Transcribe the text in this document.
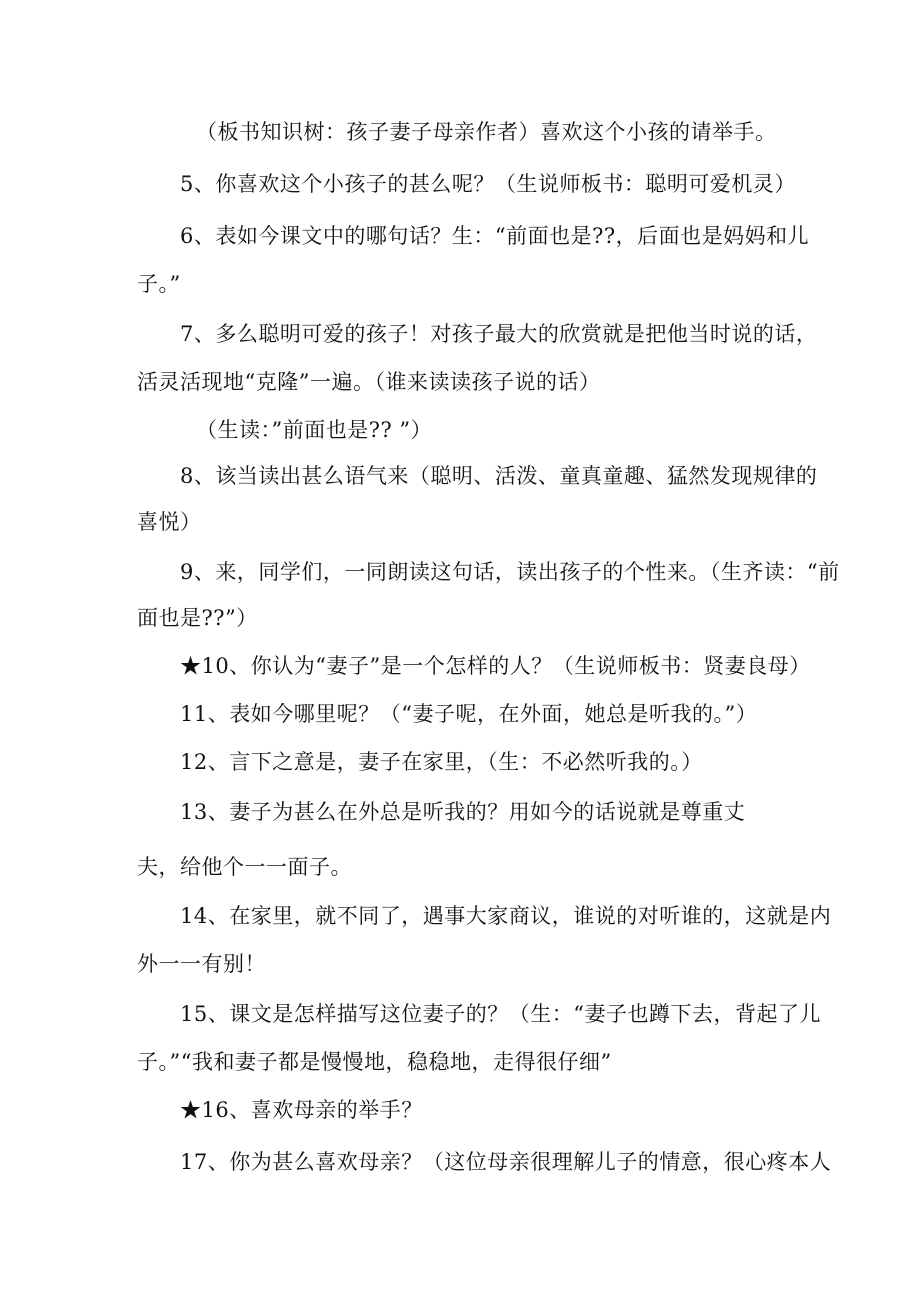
（板书知识树：孩子妻子母亲作者）喜欢这个小孩的请举手。
5、你喜欢这个小孩子的甚么呢？（生说师板书：聪明可爱机灵）
6、表如今课文中的哪句话？生：“前面也是??，后面也是妈妈和儿
子。”
7、多么聪明可爱的孩子！对孩子最大的欣赏就是把他当时说的话，
活灵活现地“克隆”一遍。（谁来读读孩子说的话）
（生读：”前面也是?? ”）
8、该当读出甚么语气来（聪明、活泼、童真童趣、猛然发现规律的
喜悦）
9、来，同学们，一同朗读这句话，读出孩子的个性来。（生齐读：“前
面也是??”）
★10、你认为“妻子”是一个怎样的人？（生说师板书：贤妻良母）
11、表如今哪里呢？（“妻子呢，在外面，她总是听我的。”）
12、言下之意是，妻子在家里，（生：不必然听我的。）
13、妻子为甚么在外总是听我的？用如今的话说就是尊重丈
夫，给他个一一面子。
14、在家里，就不同了，遇事大家商议，谁说的对听谁的，这就是内
外一一有别！
15、课文是怎样描写这位妻子的？（生：“妻子也蹲下去，背起了儿
子。”“我和妻子都是慢慢地，稳稳地，走得很仔细”
★16、喜欢母亲的举手？
17、你为甚么喜欢母亲？（这位母亲很理解儿子的情意，很心疼本人
